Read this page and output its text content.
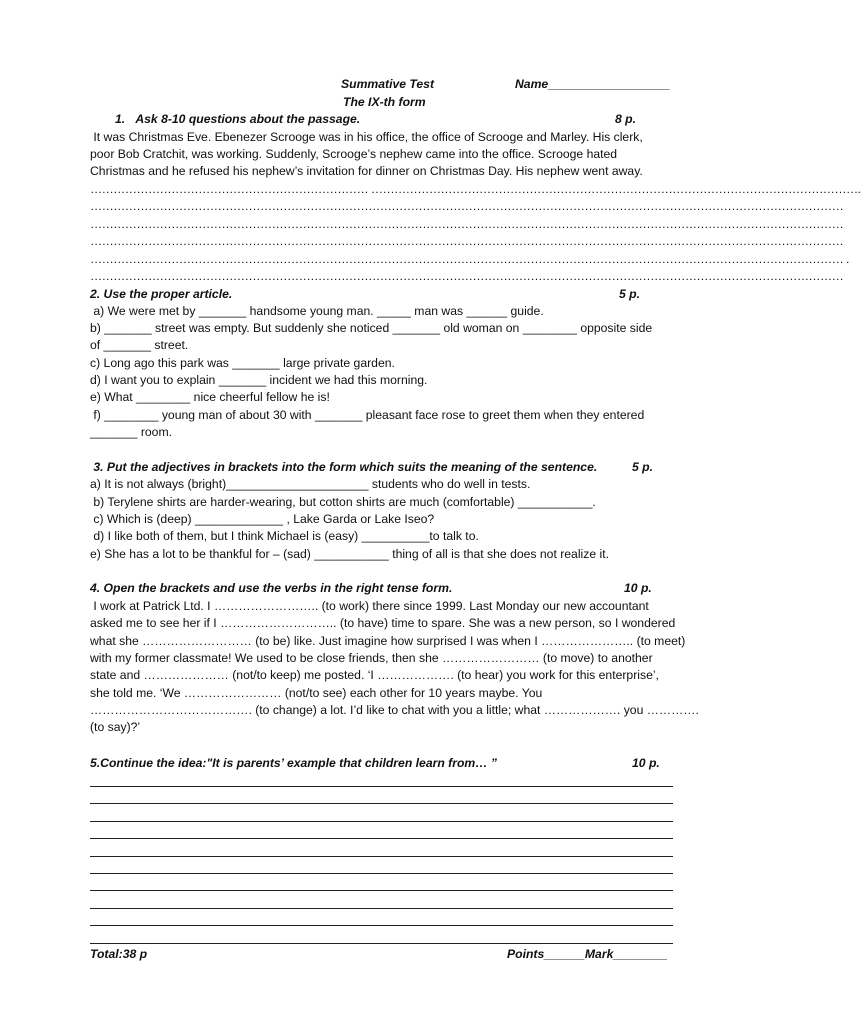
Summative Test	Name__________________
The IX-th form
1.   Ask 8-10 questions about the passage.	8 p.
It was Christmas Eve. Ebenezer Scrooge was in his office, the office of Scrooge and Marley. His clerk,
poor Bob Cratchit, was working. Suddenly, Scrooge’s nephew came into the office. Scrooge hated
Christmas and he refused his nephew’s invitation for dinner on Christmas Day. His nephew went away.
……………………………………………………………… ……………………………………………………………………………………………………………….
……………………………………………………………………………………………………………………………………………………………………………
……………………………………………………………………………………………………………………………………………………………………………
……………………………………………………………………………………………………………………………………………………………………………
…………………………………………………………………………………………………………………………………………………………………………… .
……………………………………………………………………………………………………………………………………………………………………………
2. Use the proper article.	5 p.
a) We were met by _______ handsome young man. _____ man was ______ guide.
b) _______ street was empty. But suddenly she noticed _______ old woman on ________ opposite side
of _______ street.
c) Long ago this park was _______ large private garden.
d) I want you to explain _______ incident we had this morning.
e) What ________ nice cheerful fellow he is!
f) ________ young man of about 30 with _______ pleasant face rose to greet them when they entered
_______ room.
3. Put the adjectives in brackets into the form which suits the meaning of the sentence.	5 p.
a) It is not always (bright)_____________________ students who do well in tests.
b) Terylene shirts are harder-wearing, but cotton shirts are much (comfortable) ___________.
c) Which is (deep) _____________ , Lake Garda or Lake Iseo?
d) I like both of them, but I think Michael is (easy) __________to talk to.
e) She has a lot to be thankful for – (sad) ___________ thing of all is that she does not realize it.
4. Open the brackets and use the verbs in the right tense form.	10 p.
I work at Patrick Ltd. I …………………….. (to work) there since 1999. Last Monday our new accountant
asked me to see her if I ……………………….. (to have) time to spare. She was a new person, so I wondered
what she ……………………… (to be) like. Just imagine how surprised I was when I ………………….. (to meet)
with my former classmate! We used to be close friends, then she …………………… (to move) to another
state and ………………… (not/to keep) me posted. ‘I ………………. (to hear) you work for this enterprise’,
she told me. ‘We …………………… (not/to see) each other for 10 years maybe. You
…………………………………. (to change) a lot. I’d like to chat with you a little; what ………………. you ………….
(to say)?’
5.Continue the idea:"It is parents’ example that children learn from… ”	10 p.
Total:38 p	Points______Mark________
